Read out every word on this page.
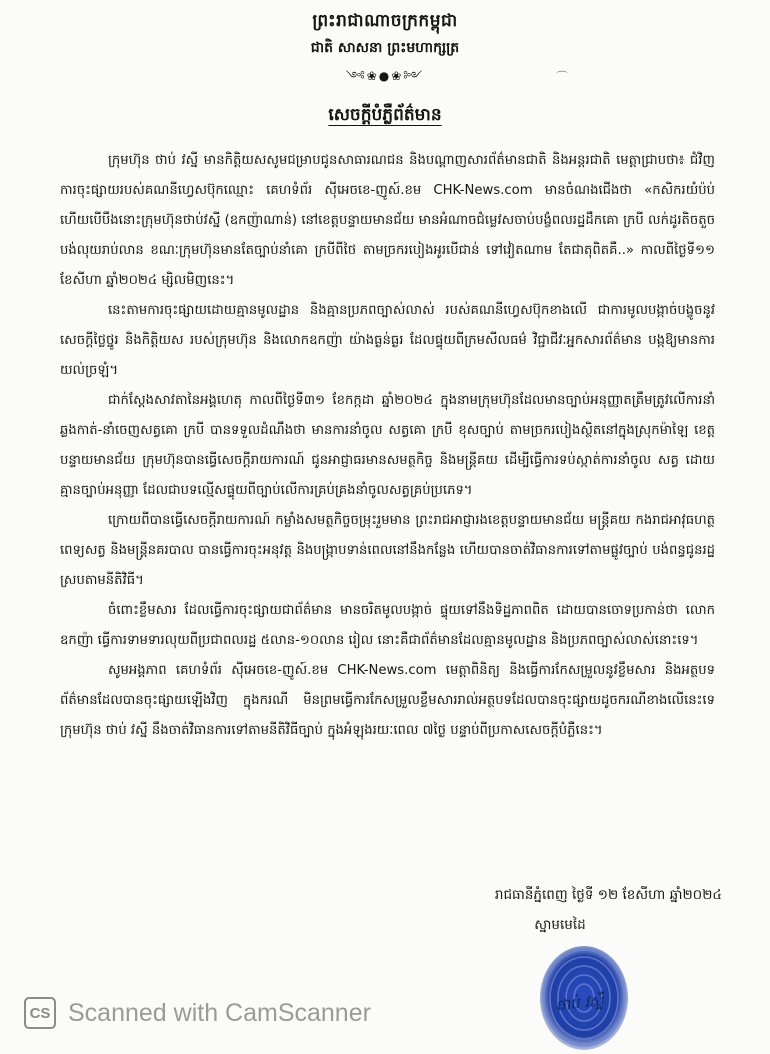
ព្រះរាជាណាចក្រកម្ពុជា
ជាតិ សាសនា ព្រះមហាក្សត្រ
༺❀●❀༻	⌒
សេចក្ដីបំភ្លឺព័ត៌មាន

ក្រុមហ៊ុន ថាប់ វស្នី មានកិត្តិយសសូមជម្រាបជូនសាធារណជន និងបណ្ដាញសារព័ត៌មានជាតិ និងអន្តរជាតិ មេត្តាជ្រាបថា៖ ជំវិញការចុះផ្សាយរបស់គណនីហ្វេសប៊ុកឈ្មោះ គេហទំព័រ ស៊ីអេចខេ-ញូស៍.ខម CHK-News.com មានចំណងជើងថា «កសិករយំប៉ប់ហើយបើបឹងនោះក្រុមហ៊ុនថាប់វស្នី (ឧកញ៉ាណាន់) នៅខេត្តបន្ទាយមានជ័យ មានអំណាចជំម្លេវសចាប់បង្ខំពលរដ្ឋដឹកគោ ក្របី លក់ដូរតិចតួច បង់លុយរាប់លាន ខណៈក្រុមហ៊ុនមានតែច្បាប់នាំគោ ក្របីពីថៃ តាមច្រករបៀងអូរបើជាន់ ទៅវៀតណាម តែជាតុពិតគឺ..» កាលពីថ្ងៃទី១១ ខែសីហា ឆ្នាំ២០២៤ ម្សិលមិញនេះ។

នេះតាមការចុះផ្សាយដោយគ្មានមូលដ្ឋាន និងគ្មានប្រភពច្បាស់លាស់ របស់គណនីហ្វេសប៊ុកខាងលើ ជាការមូលបង្កាច់បង្ខូចនូវ សេចក្ដីថ្លៃថ្នូរ និងកិត្តិយស របស់ក្រុមហ៊ុន និងលោកឧកញ៉ា យ៉ាងធ្ងន់ធ្ងរ ដែលផ្ទុយពីក្រមសីលធម៌ វិជ្ជាជីវៈអ្នកសារព័ត៌មាន បង្កឱ្យមានការយល់ច្រឡំ។

ជាក់ស្ដែងសាវតានៃអង្គហេតុ កាលពីថ្ងៃទី៣១ ខែកក្កដា ឆ្នាំ២០២៤ ក្នុងនាមក្រុមហ៊ុនដែលមានច្បាប់អនុញ្ញាតត្រឹមត្រូវលើការនាំឆ្លងកាត់-នាំចេញសត្វគោ ក្របី បានទទួលដំណឹងថា មានការនាំចូល សត្វគោ ក្របី ខុសច្បាប់ តាមច្រករបៀងស្ថិតនៅក្នុងស្រុកម៉ាឡៃ ខេត្តបន្ទាយមានជ័យ ក្រុមហ៊ុនបានធ្វើសេចក្ដីរាយការណ៍ ជូនអាជ្ញាធរមានសមត្ថកិច្ច និងមន្ត្រីគយ ដើម្បីធ្វើការទប់ស្កាត់ការនាំចូល សត្វ ដោយគ្មានច្បាប់អនុញ្ញា ដែលជាបទល្មើសផ្ទុយពីច្បាប់លើការគ្រប់គ្រងនាំចូលសត្វគ្រប់ប្រភេទ។

ក្រោយពីបានធ្វើសេចក្ដីរាយការណ៍ កម្លាំងសមត្ថកិច្ចចម្រុះរួមមាន ព្រះរាជអាជ្ញារងខេត្តបន្ទាយមានជ័យ មន្ត្រីគយ កងរាជអាវុធហត្ថ ពេទ្យសត្វ និងមន្ត្រីនគរបាល បានធ្វើការចុះអនុវត្ត និងបង្ក្រាបទាន់ពេលនៅនឹងកន្លែង ហើយបានចាត់វិធានការទៅតាមផ្លូវច្បាប់ បង់ពន្ធជូនរដ្ឋស្របតាមនីតិវិធី។

ចំពោះខ្លឹមសារ ដែលធ្វើការចុះផ្សាយជាព័ត៌មាន មានចរិតមូលបង្កាច់ ផ្ទុយទៅនឹងទិដ្ឋភាពពិត ដោយបានចោទប្រកាន់ថា លោកឧកញ៉ា ធ្វើការទាមទារលុយពីប្រជាពលរដ្ឋ ៥លាន-១០លាន រៀល នោះគឺជាព័ត៌មានដែលគ្មានមូលដ្ឋាន និងប្រភពច្បាស់លាស់នោះទេ។

សូមអង្គភាព គេហទំព័រ ស៊ីអេចខេ-ញូស៍.ខម CHK-News.com មេត្តាពិនិត្យ និងធ្វើការកែសម្រួលនូវខ្លឹមសារ និងអត្ថបទព័ត៌មានដែលបានចុះផ្សាយឡើងវិញ ក្នុងករណី មិនព្រមធ្វើការកែសម្រួលខ្លឹមសាររាល់អត្ថបទដែលបានចុះផ្សាយដូចករណីខាងលើនេះទេ ក្រុមហ៊ុន ថាប់ វស្នី នឹងចាត់វិធានការទៅតាមនីតិវិធីច្បាប់ ក្នុងអំឡុងរយៈពេល ៧ថ្ងៃ បន្ទាប់ពីប្រកាសសេចក្ដីបំភ្លឺនេះ។

រាជធានីភ្នំពេញ ថ្ងៃទី ១២ ខែសីហា ឆ្នាំ២០២៤
ស្នាមមេដៃ
ថាប់ វស្នី
CS Scanned with CamScanner
